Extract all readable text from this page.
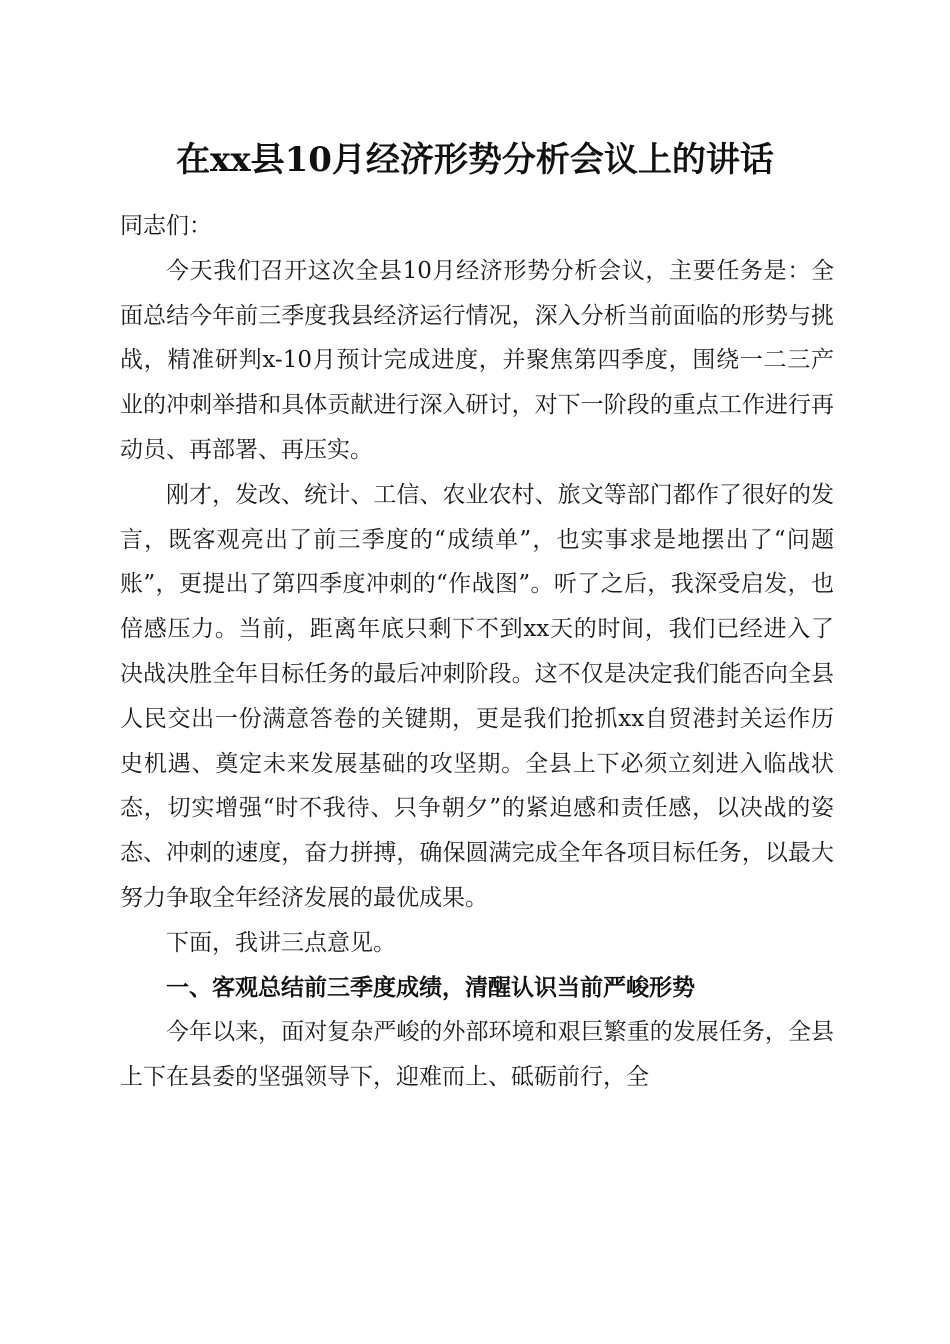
在xx县10月经济形势分析会议上的讲话

同志们：

今天我们召开这次全县10月经济形势分析会议，主要任务是：全面总结今年前三季度我县经济运行情况，深入分析当前面临的形势与挑战，精准研判x-10月预计完成进度，并聚焦第四季度，围绕一二三产业的冲刺举措和具体贡献进行深入研讨，对下一阶段的重点工作进行再动员、再部署、再压实。

刚才，发改、统计、工信、农业农村、旅文等部门都作了很好的发言，既客观亮出了前三季度的“成绩单”，也实事求是地摆出了“问题账”，更提出了第四季度冲刺的“作战图”。听了之后，我深受启发，也倍感压力。当前，距离年底只剩下不到xx天的时间，我们已经进入了决战决胜全年目标任务的最后冲刺阶段。这不仅是决定我们能否向全县人民交出一份满意答卷的关键期，更是我们抢抓xx自贸港封关运作历史机遇、奠定未来发展基础的攻坚期。全县上下必须立刻进入临战状态，切实增强“时不我待、只争朝夕”的紧迫感和责任感，以决战的姿态、冲刺的速度，奋力拼搏，确保圆满完成全年各项目标任务，以最大努力争取全年经济发展的最优成果。

下面，我讲三点意见。

一、客观总结前三季度成绩，清醒认识当前严峻形势

今年以来，面对复杂严峻的外部环境和艰巨繁重的发展任务，全县上下在县委的坚强领导下，迎难而上、砥砺前行，全
